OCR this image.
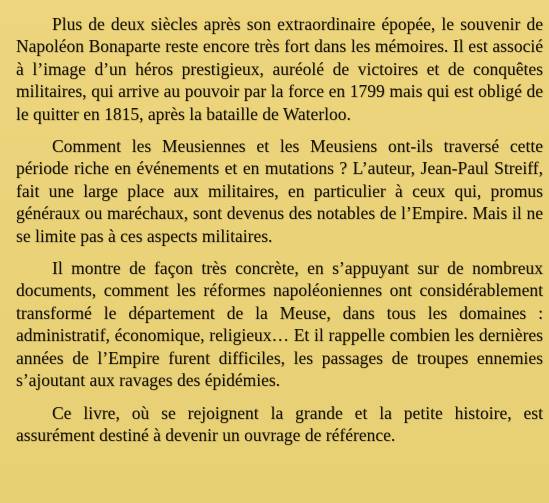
Plus de deux siècles après son extraordinaire épopée, le souvenir de Napoléon Bonaparte reste encore très fort dans les mémoires. Il est associé à l’image d’un héros prestigieux, auréolé de victoires et de conquêtes militaires, qui arrive au pouvoir par la force en 1799 mais qui est obligé de le quitter en 1815, après la bataille de Waterloo.

Comment les Meusiennes et les Meusiens ont-ils traversé cette période riche en événements et en mutations ? L’auteur, Jean-Paul Streiff, fait une large place aux militaires, en particulier à ceux qui, promus généraux ou maréchaux, sont devenus des notables de l’Empire. Mais il ne se limite pas à ces aspects militaires.

Il montre de façon très concrète, en s’appuyant sur de nombreux documents, comment les réformes napoléoniennes ont considérablement transformé le département de la Meuse, dans tous les domaines : administratif, économique, religieux… Et il rappelle combien les dernières années de l’Empire furent difficiles, les passages de troupes ennemies s’ajoutant aux ravages des épidémies.

Ce livre, où se rejoignent la grande et la petite histoire, est assurément destiné à devenir un ouvrage de référence.
